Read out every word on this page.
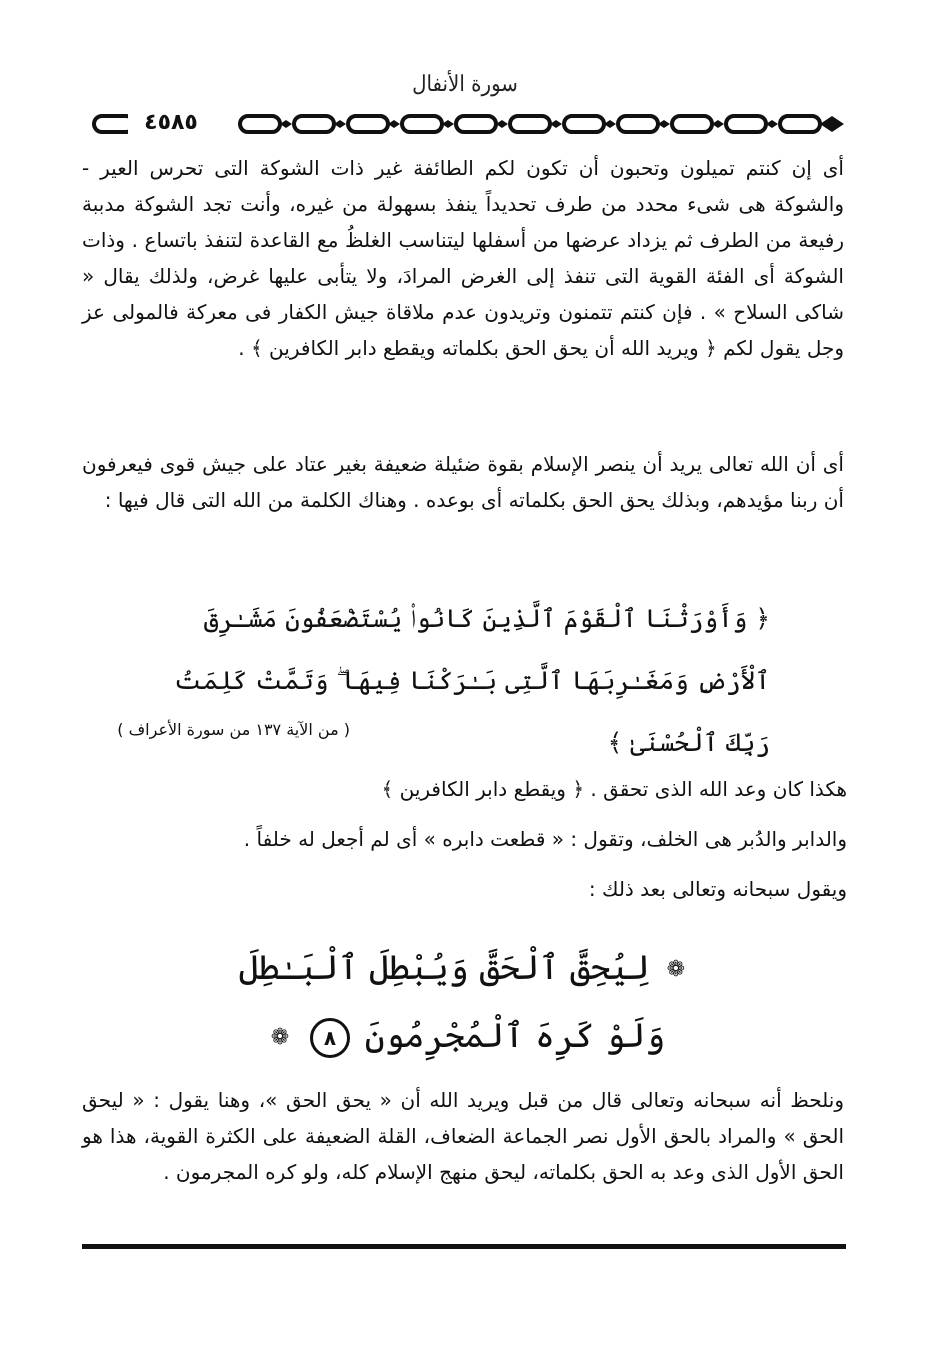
سورة الأنفال
٤٥٨٥
أى إن كنتم تميلون وتحبون أن تكون لكم الطائفة غير ذات الشوكة التى تحرس العير - والشوكة هى شىء محدد من طرف تحديداً ينفذ بسهولة من غيره، وأنت تجد الشوكة مدببة رفيعة من الطرف ثم يزداد عرضها من أسفلها ليتناسب الغلظُ مع القاعدة لتنفذ باتساع . وذات الشوكة أى الفئة القوية التى تنفذ إلى الغرض المرادَ، ولا يتأبى عليها غرض، ولذلك يقال « شاكى السلاح » . فإن كنتم تتمنون وتريدون عدم ملاقاة جيش الكفار فى معركة فالمولى عز وجل يقول لكم ﴿ ويريد الله أن يحق الحق بكلماته ويقطع دابر الكافرين ﴾ .
أى أن الله تعالى يريد أن ينصر الإسلام بقوة ضئيلة ضعيفة بغير عتاد على جيش قوى فيعرفون أن ربنا مؤيدهم، وبذلك يحق الحق بكلماته أى بوعده . وهناك الكلمة من الله التى قال فيها :
﴿ وَأَوْرَثْنَا ٱلْقَوْمَ ٱلَّذِينَ كَانُوا۟ يُسْتَضْعَفُونَ مَشَـٰرِقَ ٱلْأَرْضِ وَمَغَـٰرِبَهَا ٱلَّتِى بَـٰرَكْنَا فِيهَا ۖ وَتَمَّتْ كَلِمَتُ رَبِّكَ ٱلْحُسْنَىٰ ﴾
( من الآية ١٣٧ من سورة الأعراف )
هكذا كان وعد الله الذى تحقق . ﴿ ويقطع دابر الكافرين ﴾
والدابر والدُبر هى الخلف، وتقول : « قطعت دابره » أى لم أجعل له خلفاً .
ويقول سبحانه وتعالى بعد ذلك :
❁ لِيُحِقَّ ٱلْحَقَّ وَيُبْطِلَ ٱلْبَـٰطِلَ وَلَوْ كَرِهَ ٱلْمُجْرِمُونَ ٨ ❁
ونلحظ أنه سبحانه وتعالى قال من قبل ويريد الله أن « يحق الحق »، وهنا يقول : « ليحق الحق » والمراد بالحق الأول نصر الجماعة الضعاف، القلة الضعيفة على الكثرة القوية، هذا هو الحق الأول الذى وعد به الحق بكلماته، ليحق منهج الإسلام كله، ولو كره المجرمون .
